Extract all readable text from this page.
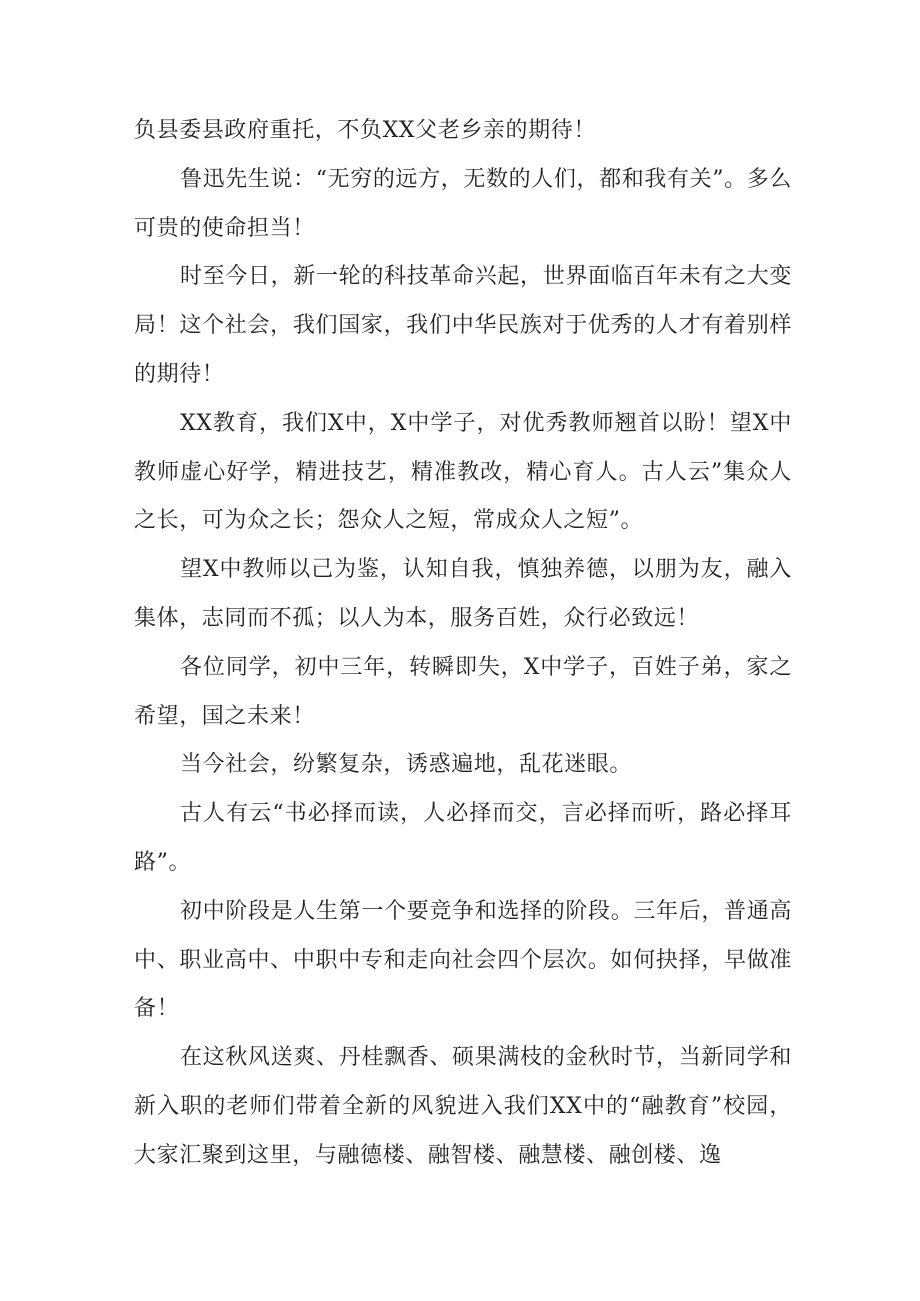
负县委县政府重托，不负XX父老乡亲的期待！

鲁迅先生说：“无穷的远方，无数的人们，都和我有关”。多么可贵的使命担当！

时至今日，新一轮的科技革命兴起，世界面临百年未有之大变局！这个社会，我们国家，我们中华民族对于优秀的人才有着别样的期待！

XX教育，我们X中，X中学子，对优秀教师翘首以盼！望X中教师虚心好学，精进技艺，精准教改，精心育人。古人云”集众人之长，可为众之长；怨众人之短，常成众人之短”。

望X中教师以己为鉴，认知自我，慎独养德，以朋为友，融入集体，志同而不孤；以人为本，服务百姓，众行必致远！

各位同学，初中三年，转瞬即失，X中学子，百姓子弟，家之希望，国之未来！

当今社会，纷繁复杂，诱惑遍地，乱花迷眼。

古人有云“书必择而读，人必择而交，言必择而听，路必择耳路”。

初中阶段是人生第一个要竞争和选择的阶段。三年后，普通高中、职业高中、中职中专和走向社会四个层次。如何抉择，早做准备！

在这秋风送爽、丹桂飘香、硕果满枝的金秋时节，当新同学和新入职的老师们带着全新的风貌进入我们XX中的“融教育”校园，大家汇聚到这里，与融德楼、融智楼、融慧楼、融创楼、逸
